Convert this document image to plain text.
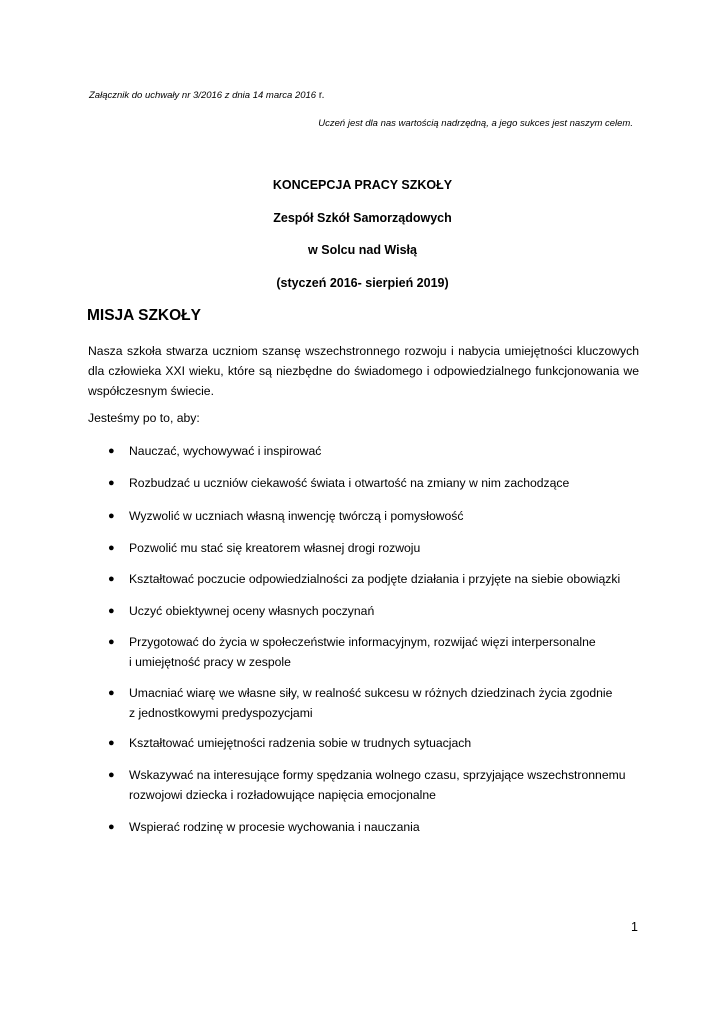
Załącznik do uchwały nr 3/2016 z dnia 14 marca 2016 r.
Uczeń jest dla nas wartością nadrzędną, a jego sukces jest naszym celem.
KONCEPCJA PRACY SZKOŁY
Zespół Szkół Samorządowych
w Solcu nad Wisłą
(styczeń 2016- sierpień 2019)
MISJA SZKOŁY

Nasza szkoła stwarza uczniom szansę wszechstronnego rozwoju i nabycia umiejętności kluczowych dla człowieka XXI wieku, które są niezbędne do świadomego i odpowiedzialnego funkcjonowania we współczesnym świecie.

Jesteśmy po to, aby:

● Nauczać, wychowywać i inspirować
● Rozbudzać u uczniów ciekawość świata i otwartość na zmiany w nim zachodzące
● Wyzwolić w uczniach własną inwencję twórczą i pomysłowość
● Pozwolić mu stać się kreatorem własnej drogi rozwoju
● Kształtować poczucie odpowiedzialności za podjęte działania i przyjęte na siebie obowiązki
● Uczyć obiektywnej oceny własnych poczynań
● Przygotować do życia w społeczeństwie informacyjnym, rozwijać więzi interpersonalne
i umiejętność pracy w zespole
● Umacniać wiarę we własne siły, w realność sukcesu w różnych dziedzinach życia zgodnie
z jednostkowymi predyspozycjami
● Kształtować umiejętności radzenia sobie w trudnych sytuacjach
● Wskazywać na interesujące formy spędzania wolnego czasu, sprzyjające wszechstronnemu
rozwojowi dziecka i rozładowujące napięcia emocjonalne
● Wspierać rodzinę w procesie wychowania i nauczania
1
